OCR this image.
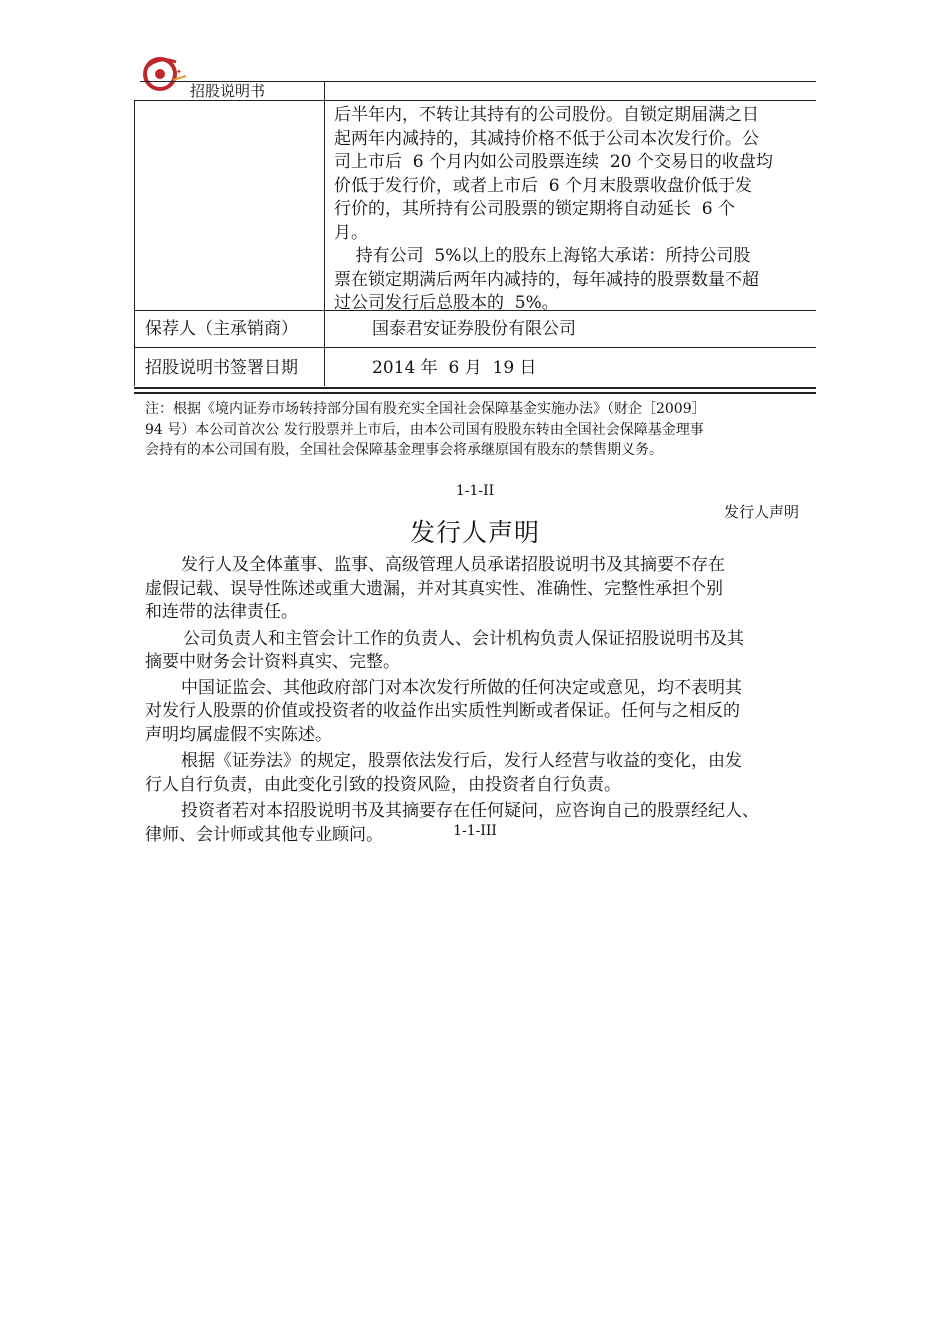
✦
招股说明书
后半年内，不转让其持有的公司股份。自锁定期届满之日
起两年内减持的，其减持价格不低于公司本次发行价。公
司上市后  6 个月内如公司股票连续  20 个交易日的收盘均
价低于发行价，或者上市后  6 个月末股票收盘价低于发
行价的，其所持有公司股票的锁定期将自动延长  6 个
月。
持有公司  5%以上的股东上海铭大承诺：所持公司股
票在锁定期满后两年内减持的，每年减持的股票数量不超
过公司发行后总股本的  5%。
保荐人（主承销商）	国泰君安证券股份有限公司
招股说明书签署日期	2014 年  6 月  19 日
注：根据《境内证券市场转持部分国有股充实全国社会保障基金实施办法》（财企［2009］
94 号）本公司首次公 发行股票并上市后，由本公司国有股股东转由全国社会保障基金理事
会持有的本公司国有股，全国社会保障基金理事会将承继原国有股东的禁售期义务。
1-1-II
发行人声明
发行人声明
发行人及全体董事、监事、高级管理人员承诺招股说明书及其摘要不存在
虚假记载、误导性陈述或重大遗漏，并对其真实性、准确性、完整性承担个别
和连带的法律责任。
公司负责人和主管会计工作的负责人、会计机构负责人保证招股说明书及其
摘要中财务会计资料真实、完整。
中国证监会、其他政府部门对本次发行所做的任何决定或意见，均不表明其
对发行人股票的价值或投资者的收益作出实质性判断或者保证。任何与之相反的
声明均属虚假不实陈述。
根据《证券法》的规定，股票依法发行后，发行人经营与收益的变化，由发
行人自行负责，由此变化引致的投资风险，由投资者自行负责。
投资者若对本招股说明书及其摘要存在任何疑问，应咨询自己的股票经纪人、
律师、会计师或其他专业顾问。	1-1-III
